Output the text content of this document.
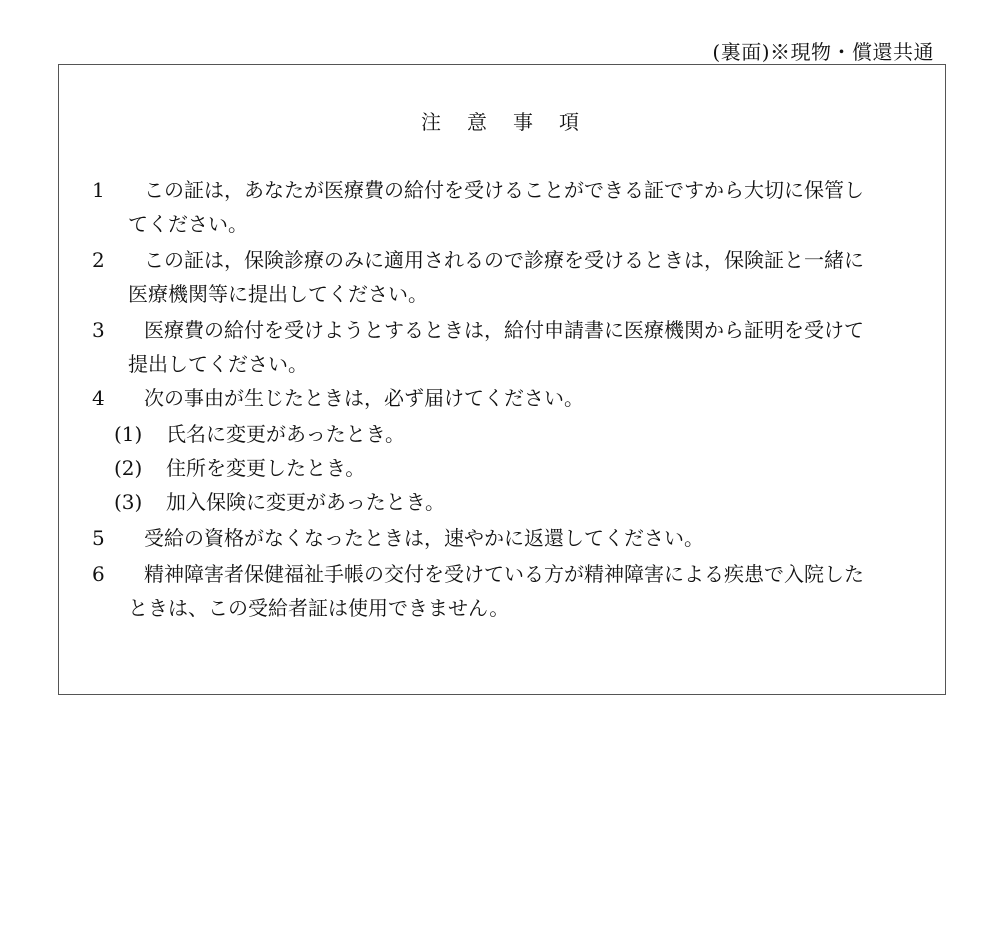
(裏面)※現物・償還共通
注意事項
1 この証は，あなたが医療費の給付を受けることができる証ですから大切に保管し
てください。
2 この証は，保険診療のみに適用されるので診療を受けるときは，保険証と一緒に
医療機関等に提出してください。
3 医療費の給付を受けようとするときは，給付申請書に医療機関から証明を受けて
提出してください。
4 次の事由が生じたときは，必ず届けてください。
(1) 氏名に変更があったとき。
(2) 住所を変更したとき。
(3) 加入保険に変更があったとき。
5 受給の資格がなくなったときは，速やかに返還してください。
6 精神障害者保健福祉手帳の交付を受けている方が精神障害による疾患で入院した
ときは、この受給者証は使用できません。
